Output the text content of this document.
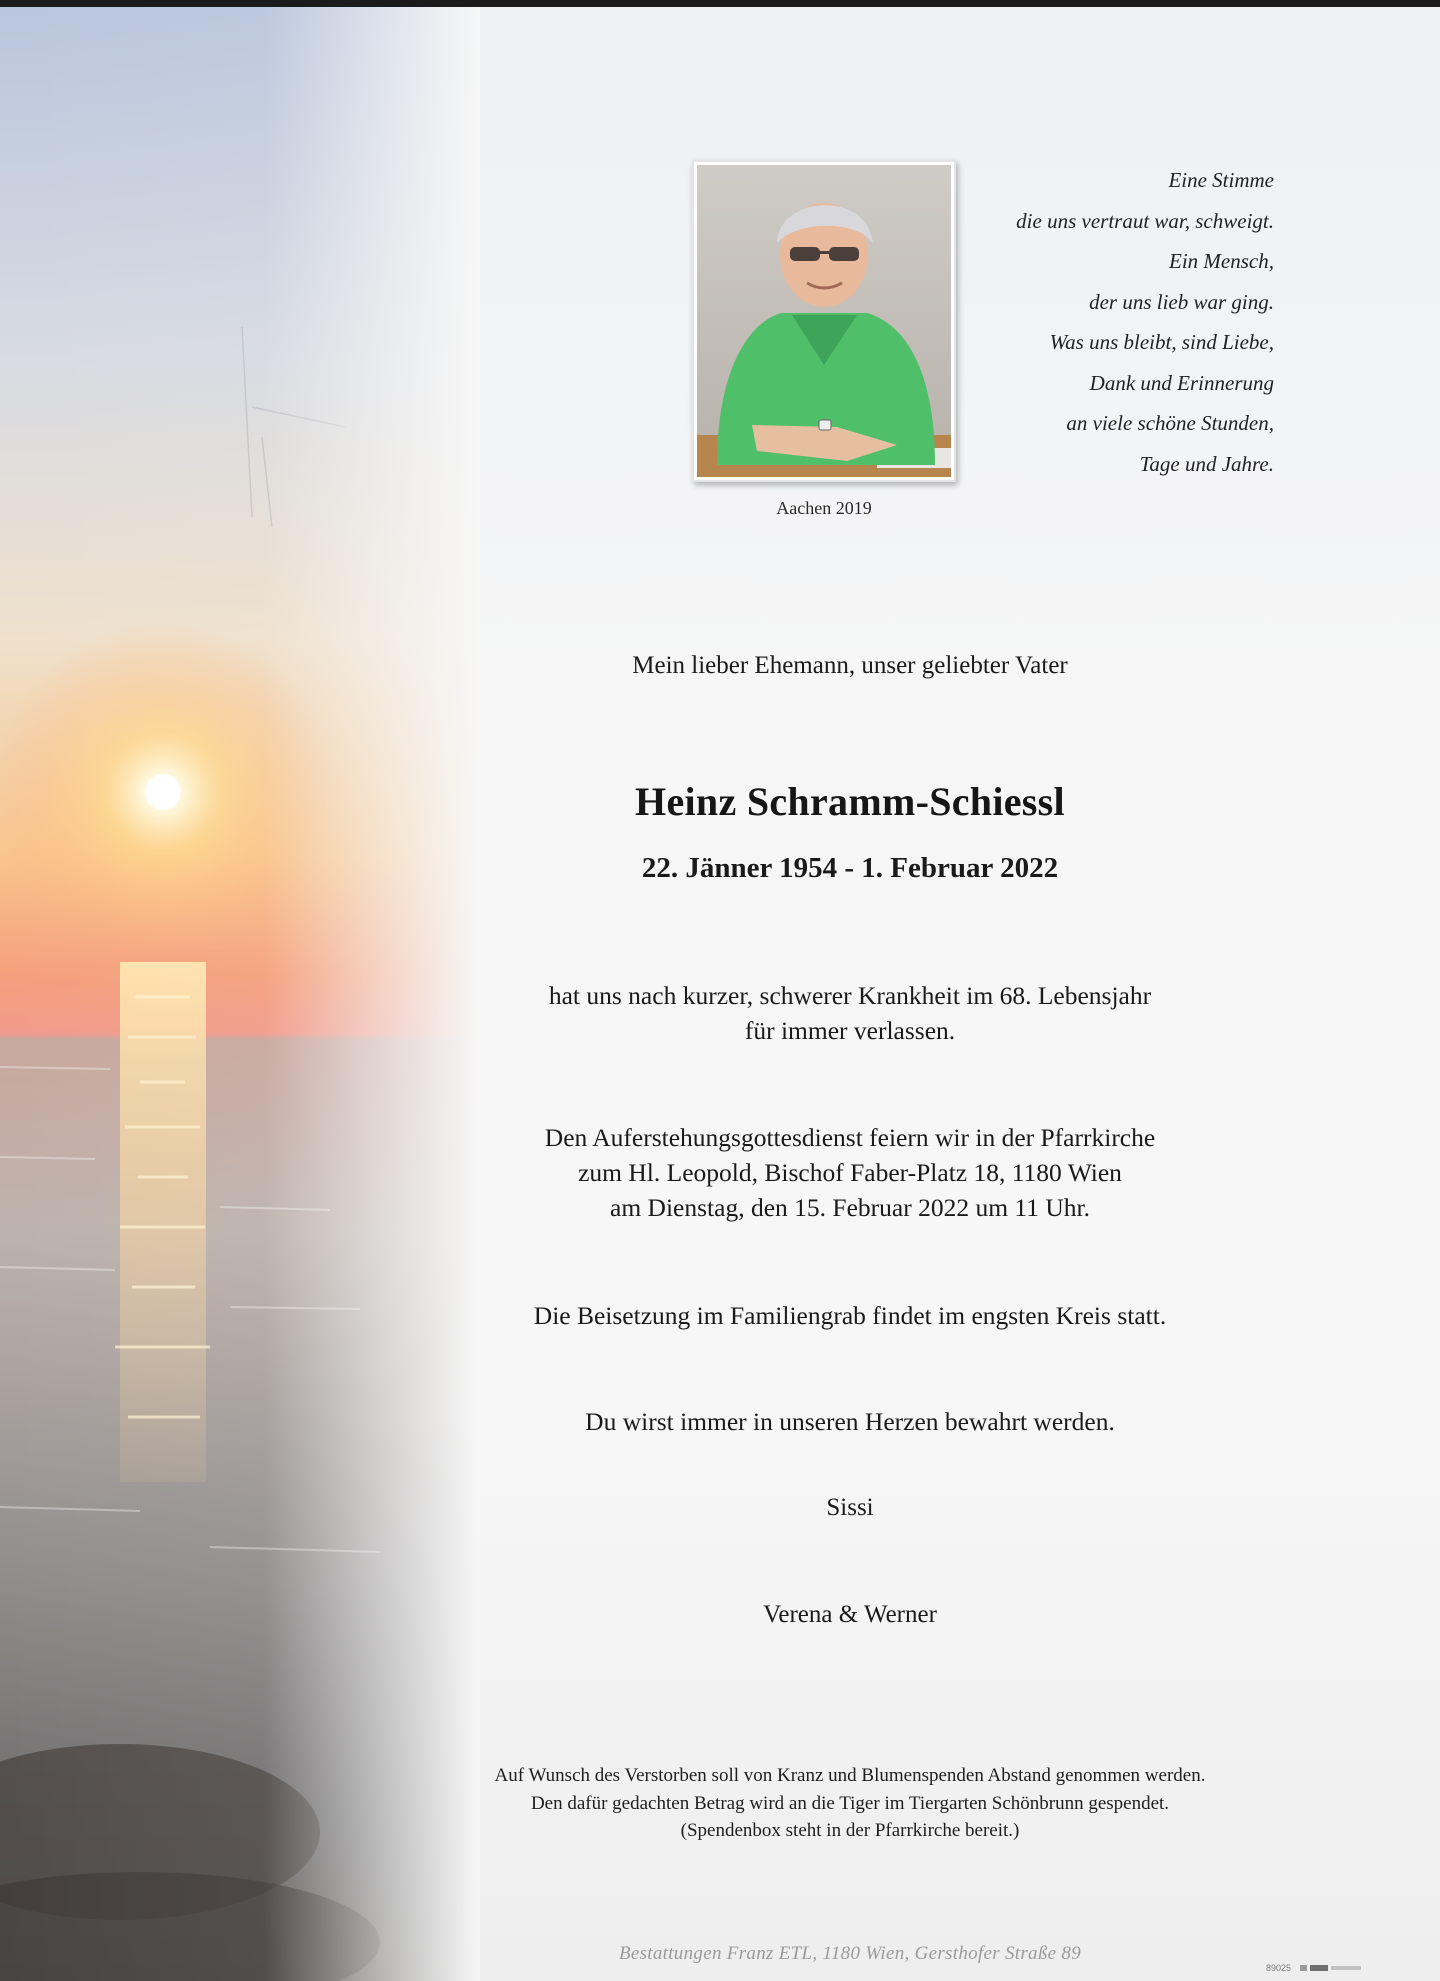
Aachen 2019
Eine Stimme
die uns vertraut war, schweigt.
Ein Mensch,
der uns lieb war ging.
Was uns bleibt, sind Liebe,
Dank und Erinnerung
an viele schöne Stunden,
Tage und Jahre.
Mein lieber Ehemann, unser geliebter Vater
Heinz Schramm-Schiessl
22. Jänner 1954 - 1. Februar 2022
hat uns nach kurzer, schwerer Krankheit im 68. Lebensjahr
für immer verlassen.
Den Auferstehungsgottesdienst feiern wir in der Pfarrkirche
zum Hl. Leopold, Bischof Faber-Platz 18, 1180 Wien
am Dienstag, den 15. Februar 2022 um 11 Uhr.
Die Beisetzung im Familiengrab findet im engsten Kreis statt.
Du wirst immer in unseren Herzen bewahrt werden.
Sissi
Verena & Werner
Auf Wunsch des Verstorben soll von Kranz und Blumenspenden Abstand genommen werden.
Den dafür gedachten Betrag wird an die Tiger im Tiergarten Schönbrunn gespendet.
(Spendenbox steht in der Pfarrkirche bereit.)
Bestattungen Franz ETL, 1180 Wien, Gersthofer Straße 89
89025
